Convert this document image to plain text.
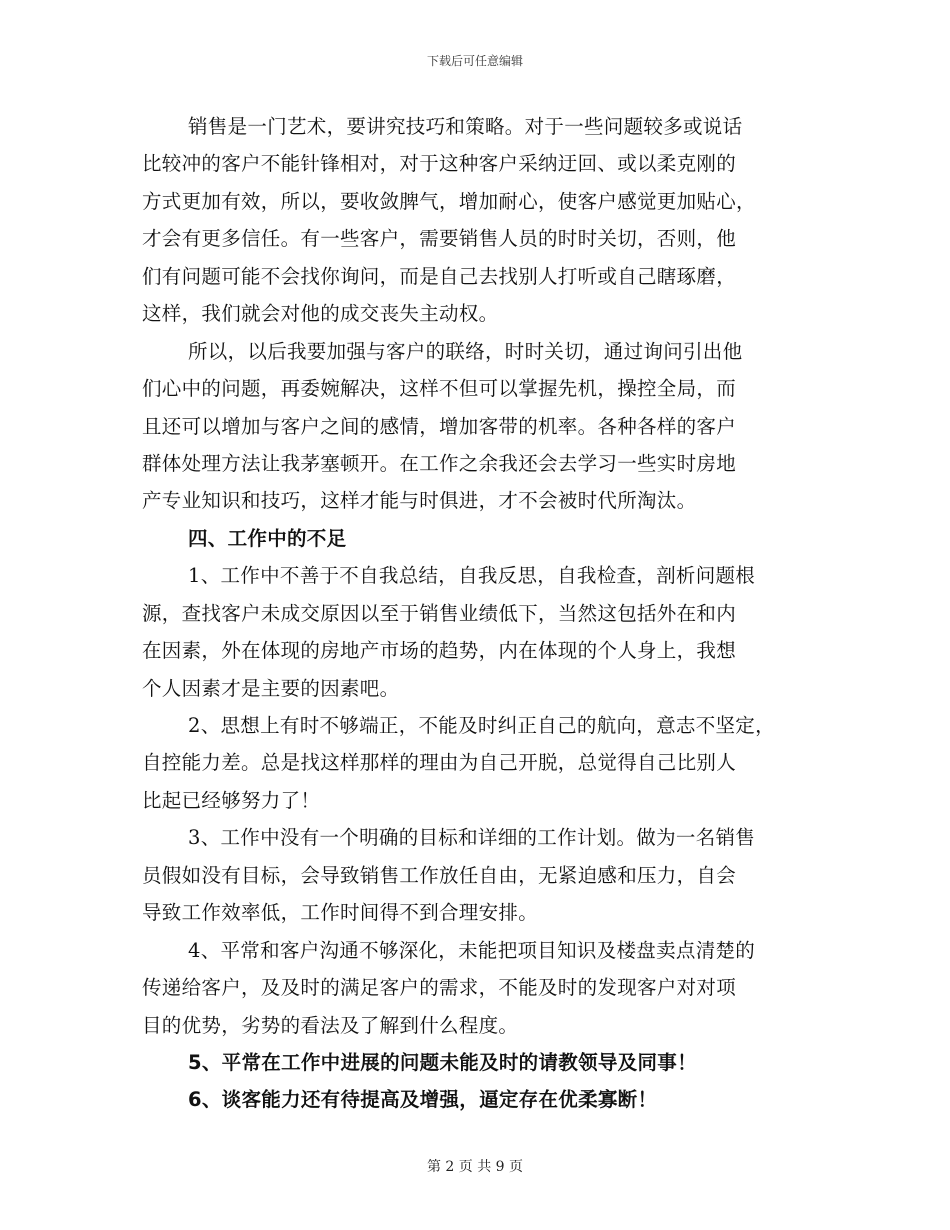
下载后可任意编辑
销售是一门艺术，要讲究技巧和策略。对于一些问题较多或说话
比较冲的客户不能针锋相对，对于这种客户采纳迂回、或以柔克刚的
方式更加有效，所以，要收敛脾气，增加耐心，使客户感觉更加贴心，
才会有更多信任。有一些客户，需要销售人员的时时关切，否则，他
们有问题可能不会找你询问，而是自己去找别人打听或自己瞎琢磨，
这样，我们就会对他的成交丧失主动权。
所以，以后我要加强与客户的联络，时时关切，通过询问引出他
们心中的问题，再委婉解决，这样不但可以掌握先机，操控全局，而
且还可以增加与客户之间的感情，增加客带的机率。各种各样的客户
群体处理方法让我茅塞顿开。在工作之余我还会去学习一些实时房地
产专业知识和技巧，这样才能与时俱进，才不会被时代所淘汰。
四、工作中的不足
1、工作中不善于不自我总结，自我反思，自我检查，剖析问题根
源，查找客户未成交原因以至于销售业绩低下，当然这包括外在和内
在因素，外在体现的房地产市场的趋势，内在体现的个人身上，我想
个人因素才是主要的因素吧。
2、思想上有时不够端正，不能及时纠正自己的航向，意志不坚定，
自控能力差。总是找这样那样的理由为自己开脱，总觉得自己比别人
比起已经够努力了！
3、工作中没有一个明确的目标和详细的工作计划。做为一名销售
员假如没有目标，会导致销售工作放任自由，无紧迫感和压力，自会
导致工作效率低，工作时间得不到合理安排。
4、平常和客户沟通不够深化，未能把项目知识及楼盘卖点清楚的
传递给客户，及及时的满足客户的需求，不能及时的发现客户对对项
目的优势，劣势的看法及了解到什么程度。
5、平常在工作中进展的问题未能及时的请教领导及同事！
6、谈客能力还有待提高及增强，逼定存在优柔寡断！
第 2 页 共 9 页
